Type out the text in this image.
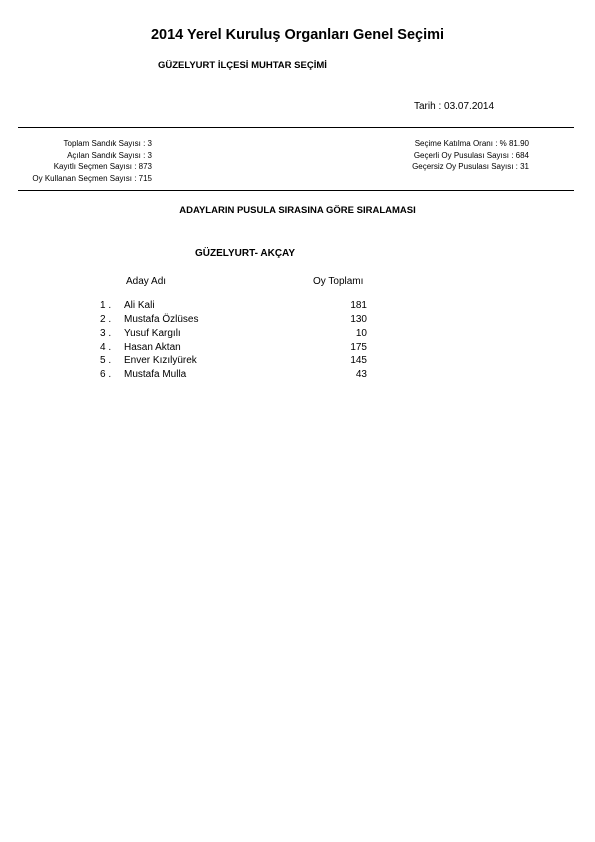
2014 Yerel Kuruluş Organları Genel Seçimi
GÜZELYURT İLÇESİ MUHTAR SEÇİMİ
Tarih : 03.07.2014
Toplam Sandık Sayısı : 3
Açılan Sandık Sayısı : 3
Kayıtlı Seçmen Sayısı : 873
Oy Kullanan Seçmen Sayısı : 715
Seçime Katılma Oranı : % 81.90
Geçerli Oy Pusulası Sayısı : 684
Geçersiz Oy Pusulası Sayısı : 31
ADAYLARIN PUSULA SIRASINA GÖRE SIRALAMASI
GÜZELYURT- AKÇAY
Aday Adı	Oy Toplamı
1 .	Ali Kali	181
2 .	Mustafa Özlüses	130
3 .	Yusuf Kargılı	10
4 .	Hasan Aktan	175
5 .	Enver Kızılyürek	145
6 .	Mustafa Mulla	43
